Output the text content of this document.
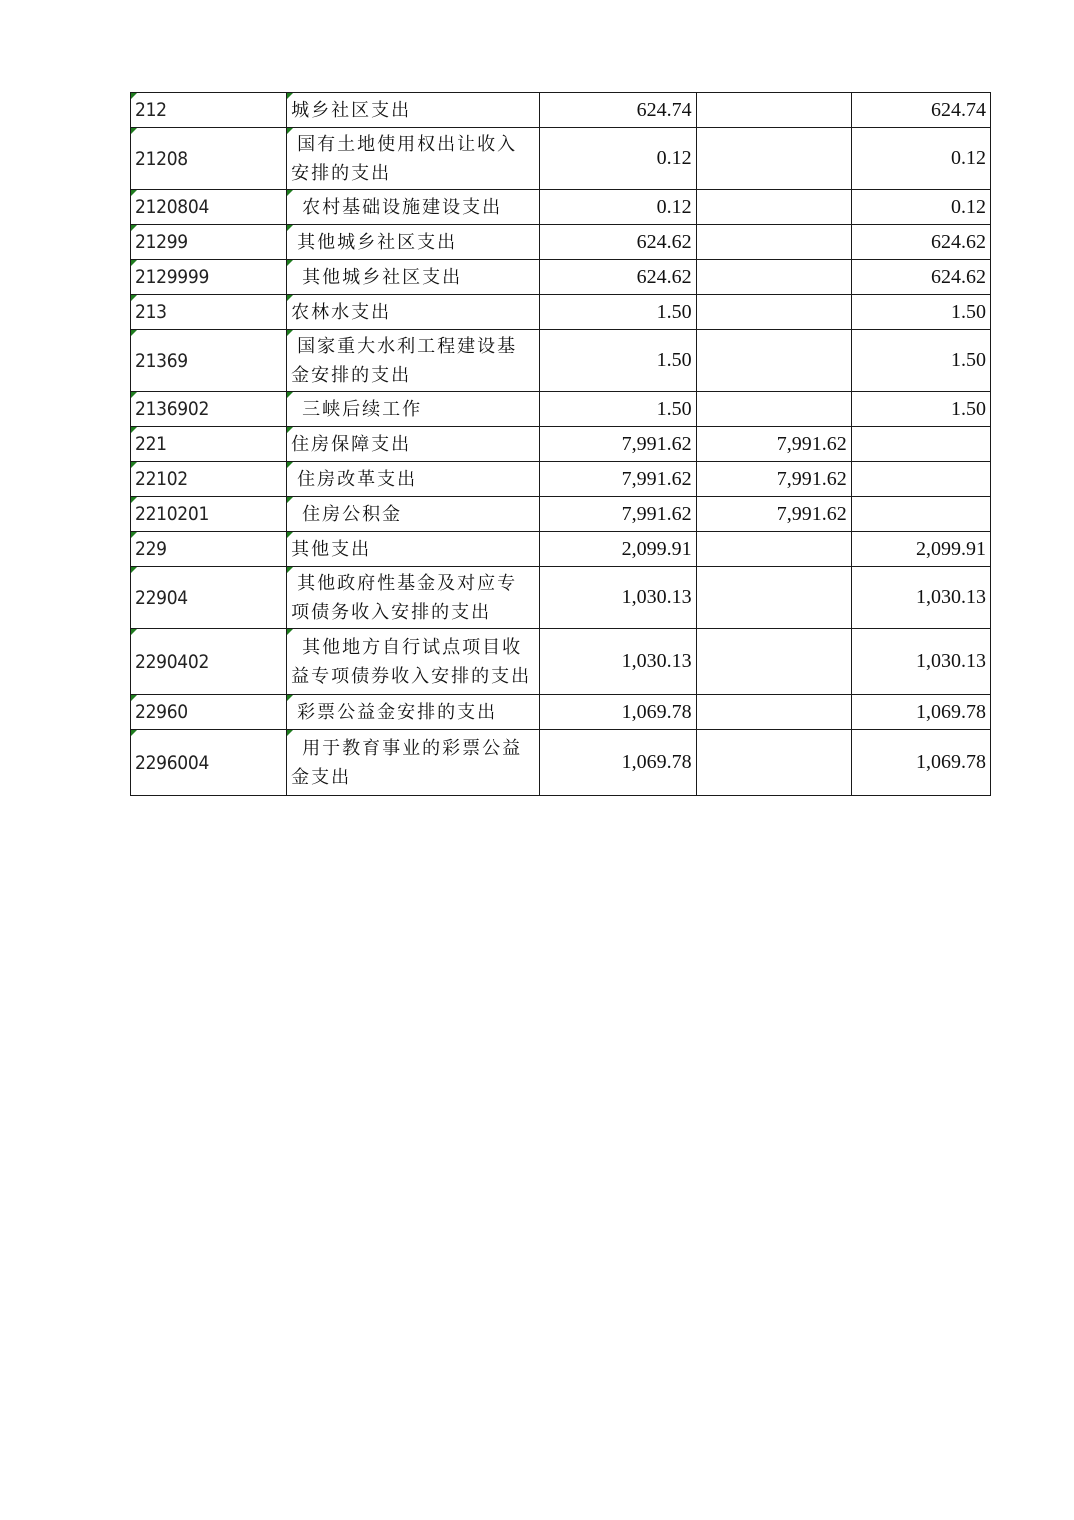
212	城乡社区支出	624.74		624.74
21208	国有土地使用权出让收入安排的支出	0.12		0.12
2120804	农村基础设施建设支出	0.12		0.12
21299	其他城乡社区支出	624.62		624.62
2129999	其他城乡社区支出	624.62		624.62
213	农林水支出	1.50		1.50
21369	国家重大水利工程建设基金安排的支出	1.50		1.50
2136902	三峡后续工作	1.50		1.50
221	住房保障支出	7,991.62	7,991.62	
22102	住房改革支出	7,991.62	7,991.62	
2210201	住房公积金	7,991.62	7,991.62	
229	其他支出	2,099.91		2,099.91
22904	其他政府性基金及对应专项债务收入安排的支出	1,030.13		1,030.13
2290402	其他地方自行试点项目收益专项债券收入安排的支出	1,030.13		1,030.13
22960	彩票公益金安排的支出	1,069.78		1,069.78
2296004	用于教育事业的彩票公益金支出	1,069.78		1,069.78
